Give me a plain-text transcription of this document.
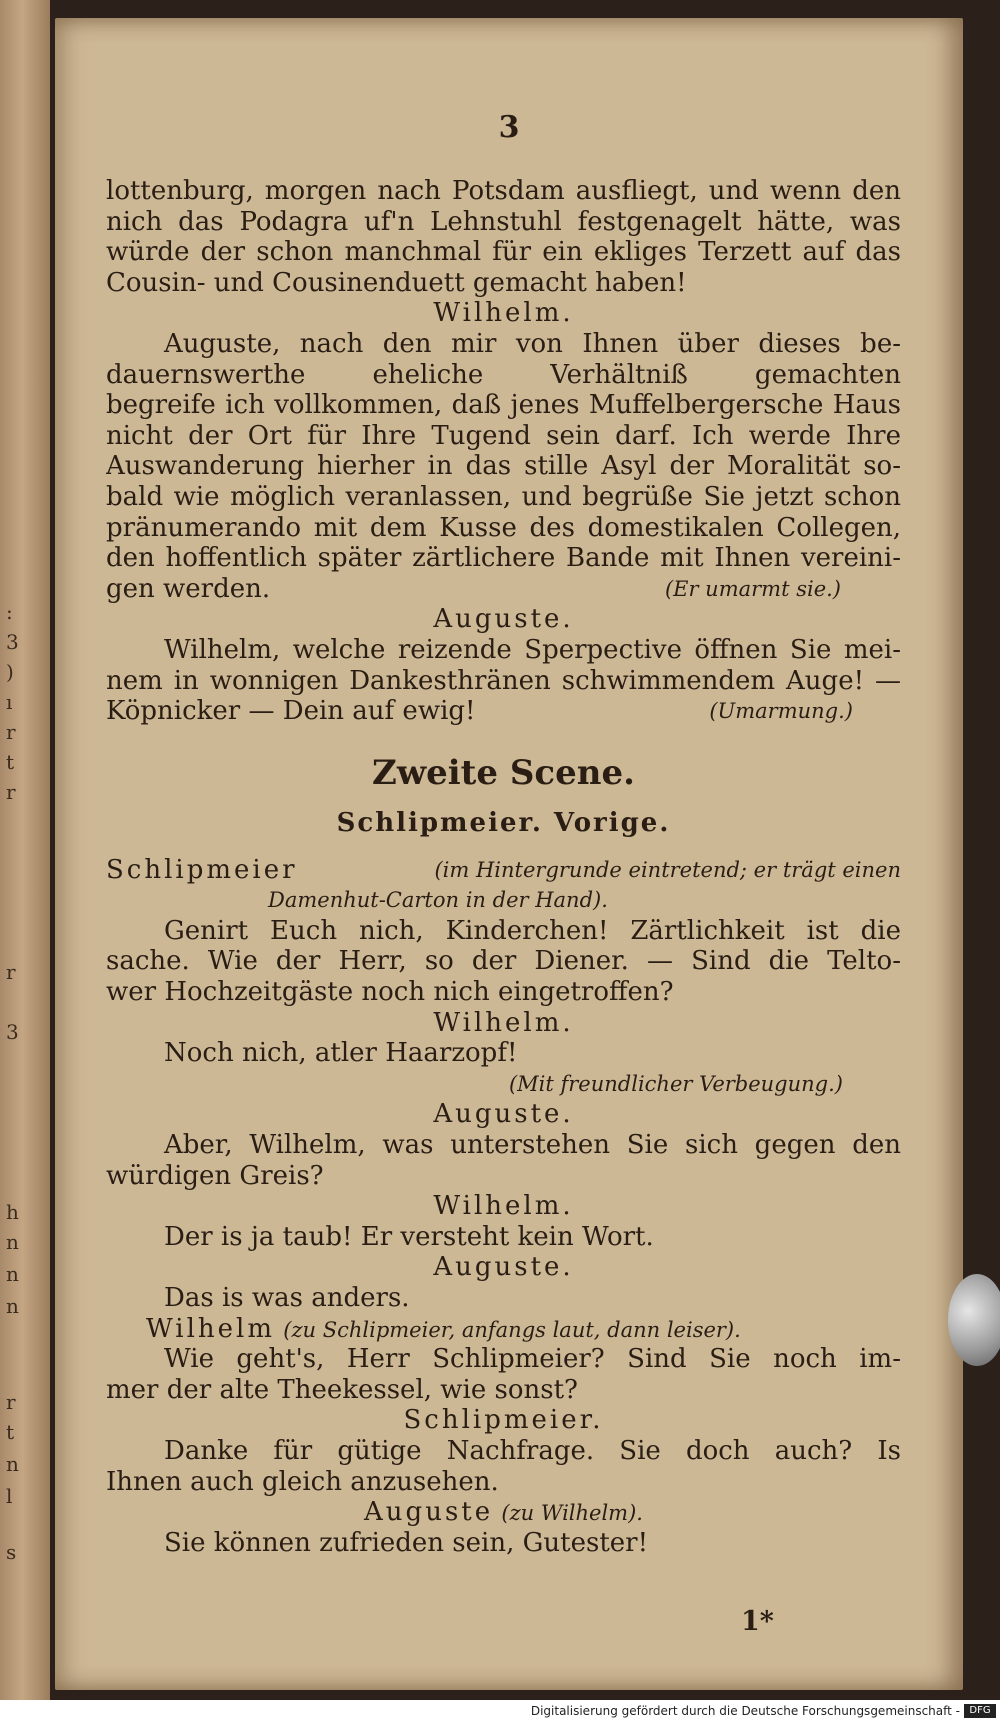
:
3
)
ı
r
t
r
r
3
h
n
n
n
r
t
n
l
s
3
lottenburg, morgen nach Potsdam ausfliegt, und wenn den
nich das Podagra uf'n Lehnstuhl festgenagelt hätte, was
würde der schon manchmal für ein ekliges Terzett auf das
Cousin- und Cousinenduett gemacht haben!
Wilhelm.
Auguste, nach den mir von Ihnen über dieses be-
dauernswerthe eheliche Verhältniß gemachten
begreife ich vollkommen, daß jenes Muffelbergersche Haus
nicht der Ort für Ihre Tugend sein darf. Ich werde Ihre
Auswanderung hierher in das stille Asyl der Moralität so-
bald wie möglich veranlassen, und begrüße Sie jetzt schon
pränumerando mit dem Kusse des domestikalen Collegen,
den hoffentlich später zärtlichere Bande mit Ihnen vereini-
gen werden.	(Er umarmt sie.)
Auguste.
Wilhelm, welche reizende Sperpective öffnen Sie mei-
nem in wonnigen Dankesthränen schwimmendem Auge! —
Köpnicker — Dein auf ewig!	(Umarmung.)
Zweite Scene.
Schlipmeier. Vorige.
Schlipmeier	(im Hintergrunde eintretend; er trägt einen
Damenhut-Carton in der Hand).
Genirt Euch nich, Kinderchen! Zärtlichkeit ist die
sache. Wie der Herr, so der Diener. — Sind die Telto-
wer Hochzeitgäste noch nich eingetroffen?
Wilhelm.
Noch nich, atler Haarzopf!
(Mit freundlicher Verbeugung.)
Auguste.
Aber, Wilhelm, was unterstehen Sie sich gegen den
würdigen Greis?
Wilhelm.
Der is ja taub! Er versteht kein Wort.
Auguste.
Das is was anders.
Wilhelm (zu Schlipmeier, anfangs laut, dann leiser).
Wie geht's, Herr Schlipmeier? Sind Sie noch im-
mer der alte Theekessel, wie sonst?
Schlipmeier.
Danke für gütige Nachfrage. Sie doch auch? Is
Ihnen auch gleich anzusehen.
Auguste (zu Wilhelm).
Sie können zufrieden sein, Gutester!
1*
Digitalisierung gefördert durch die Deutsche Forschungsgemeinschaft - DFG
